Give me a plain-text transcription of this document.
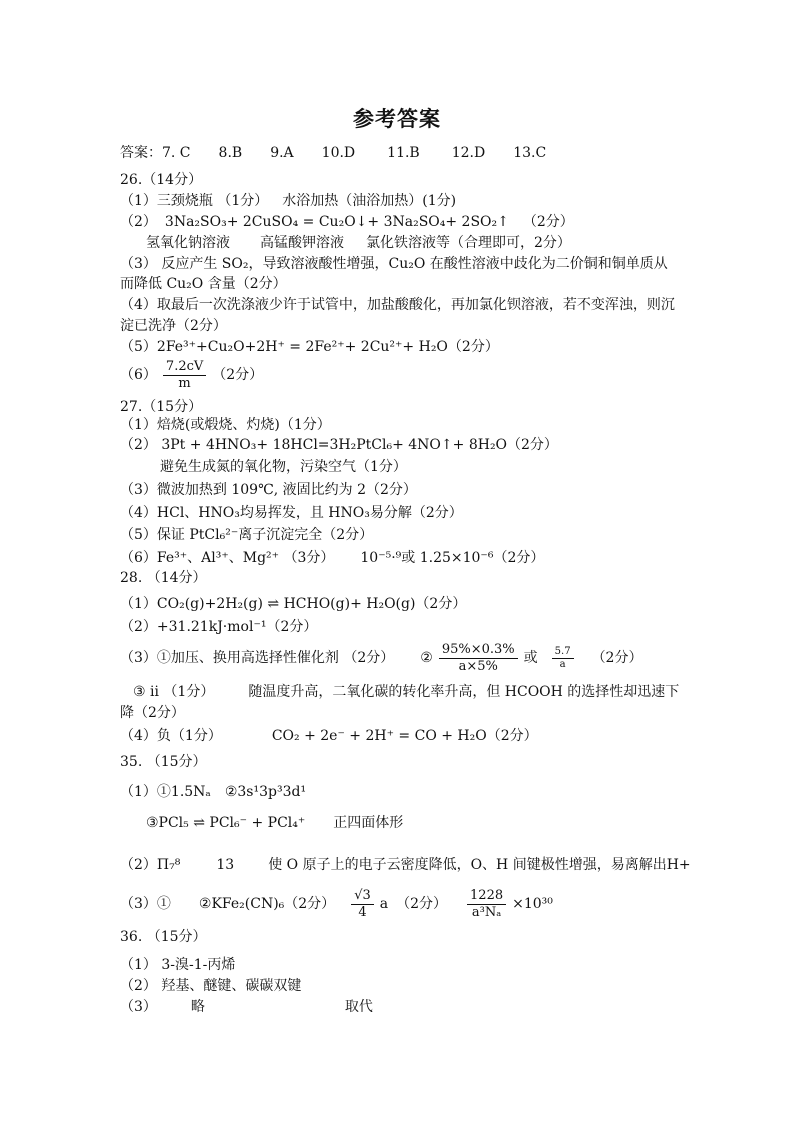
参考答案
答案：7. C 8.B 9.A 10.D 11.B 12.D 13.C
26.（14分）
（1）三颈烧瓶 （1分） 水浴加热（油浴加热）(1分)
（2） 3Na₂SO₃+ 2CuSO₄ = Cu₂O↓+ 3Na₂SO₄+ 2SO₂↑ （2分）
氢氧化钠溶液 高锰酸钾溶液 氯化铁溶液等（合理即可，2分）
（3） 反应产生 SO₂，导致溶液酸性增强，Cu₂O 在酸性溶液中歧化为二价铜和铜单质从
而降低 Cu₂O 含量（2分）
（4）取最后一次洗涤液少许于试管中，加盐酸酸化，再加氯化钡溶液，若不变浑浊，则沉
淀已洗净（2分）
（5）2Fe³⁺+Cu₂O+2H⁺ = 2Fe²⁺+ 2Cu²⁺+ H₂O（2分）
$(6) \frac{7.2cV}{m} (2$分）
27.（15分）
（1）焙烧(或煅烧、灼烧)（1分）
（2） 3Pt + 4HNO₃+ 18HCl=3H₂PtCl₆+ 4NO↑+ 8H₂O（2分）
避免生成氮的氧化物，污染空气（1分）
（3）微波加热到 109℃, 液固比约为 2（2分）
（4）HCl、HNO₃均易挥发，且 HNO₃易分解（2分）
（5）保证 PtCl₆²⁻离子沉淀完全（2分）
（6）Fe³⁺、Al³⁺、Mg²⁺ （3分） 10⁻⁵·⁹或 1.25×10⁻⁶（2分）
28. （14分）
（1）CO₂(g)+2H₂(g) ⇌ HCHO(g)+ H₂O(g)（2分）
（2）+31.21kJ·mol⁻¹（2分）
（3）①加压、换用高选择性催化剂 （2分） ② $\frac{95\%\times 0.3\%}{a\times 5\%}$ 或 $\frac{5.7}{a} (2$分）
③ ⅱ （1分） 随温度升高，二氧化碳的转化率升高，但 HCOOH 的选择性却迅速下
降（2分）
（4）负（1分）	CO₂ + 2e⁻ + 2H⁺ = CO + H₂O（2分）
35. （15分）
（1）①1.5Nₐ ②3s¹3p³3d¹
③PCl₅ ⇌ PCl₆⁻ + PCl₄⁺ 正四面体形
（2）Π₇⁸	13 使 O 原子上的电子云密度降低，O、H 间键极性增强，易离解出H+
（3）① ②KFe₂(CN)₆（2分） $\frac{√3}{4}$ a （2分） $\frac{1228}{\text{a³Nₐ}} \times 10^{30}$
36. （15分）
（1） 3-溴-1-丙烯
（2） 羟基、醚键、碳碳双键
（3） 略	取代
